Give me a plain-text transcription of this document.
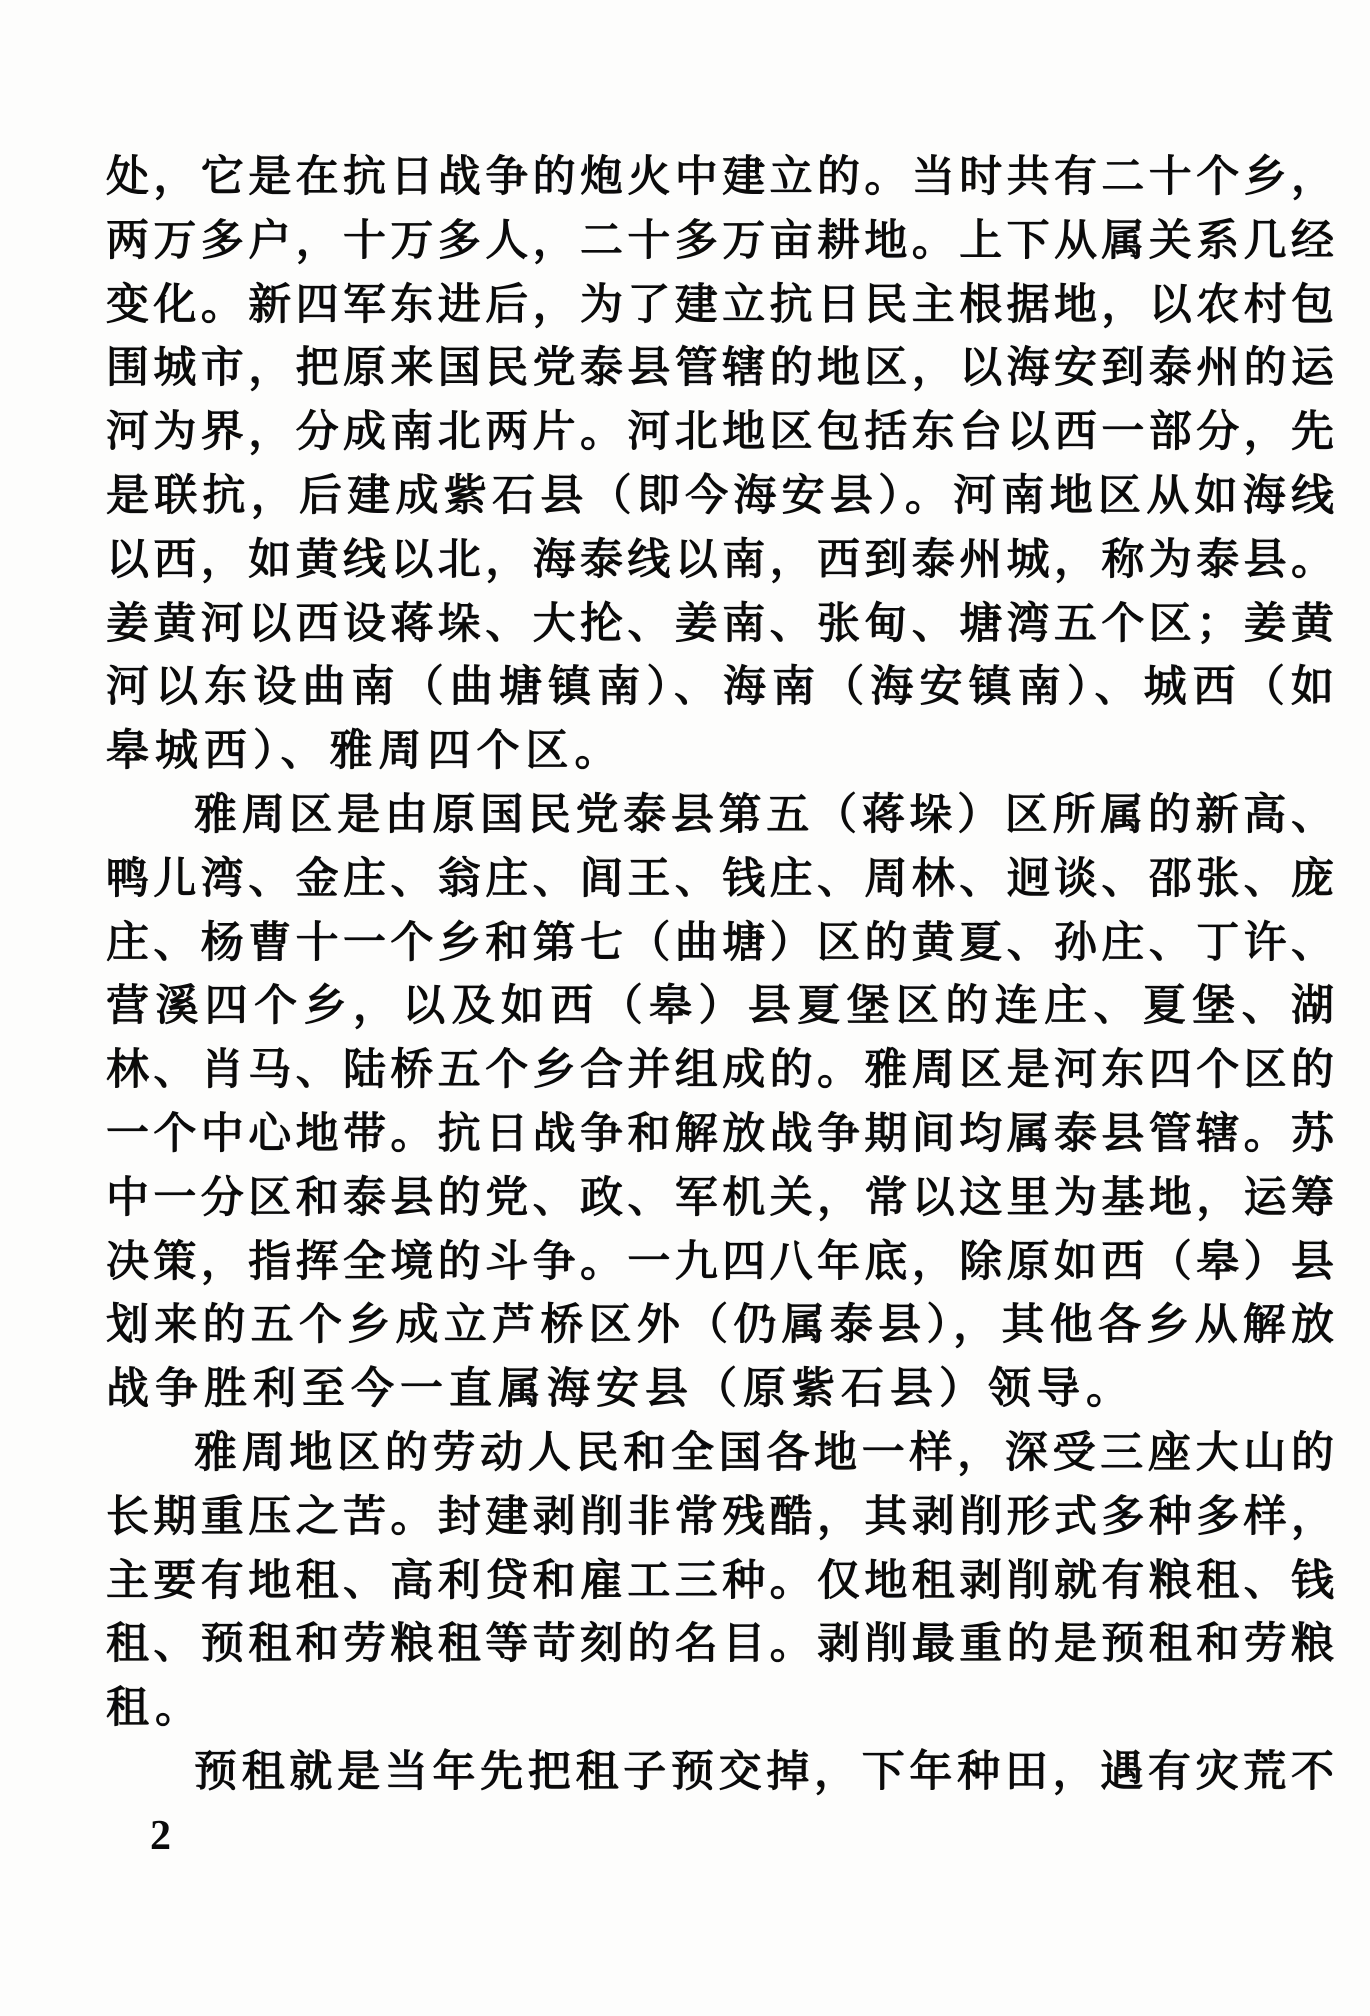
处，它是在抗日战争的炮火中建立的。当时共有二十个乡，
两万多户，十万多人，二十多万亩耕地。上下从属关系几经
变化。新四军东进后，为了建立抗日民主根据地，以农村包
围城市，把原来国民党泰县管辖的地区，以海安到泰州的运
河为界，分成南北两片。河北地区包括东台以西一部分，先
是联抗，后建成紫石县（即今海安县）。河南地区从如海线
以西，如黄线以北，海泰线以南，西到泰州城，称为泰县。
姜黄河以西设蒋垛、大抡、姜南、张甸、塘湾五个区；姜黄
河以东设曲南（曲塘镇南）、海南（海安镇南）、城西（如
皋城西）、雅周四个区。
雅周区是由原国民党泰县第五（蒋垛）区所属的新高、
鸭儿湾、金庄、翁庄、闾王、钱庄、周林、迥谈、邵张、庞
庄、杨曹十一个乡和第七（曲塘）区的黄夏、孙庄、丁许、
营溪四个乡，以及如西（皋）县夏堡区的连庄、夏堡、湖
林、肖马、陆桥五个乡合并组成的。雅周区是河东四个区的
一个中心地带。抗日战争和解放战争期间均属泰县管辖。苏
中一分区和泰县的党、政、军机关，常以这里为基地，运筹
决策，指挥全境的斗争。一九四八年底，除原如西（皋）县
划来的五个乡成立芦桥区外（仍属泰县），其他各乡从解放
战争胜利至今一直属海安县（原紫石县）领导。
雅周地区的劳动人民和全国各地一样，深受三座大山的
长期重压之苦。封建剥削非常残酷，其剥削形式多种多样，
主要有地租、高利贷和雇工三种。仅地租剥削就有粮租、钱
租、预租和劳粮租等苛刻的名目。剥削最重的是预租和劳粮
租。
预租就是当年先把租子预交掉，下年种田，遇有灾荒不
2
